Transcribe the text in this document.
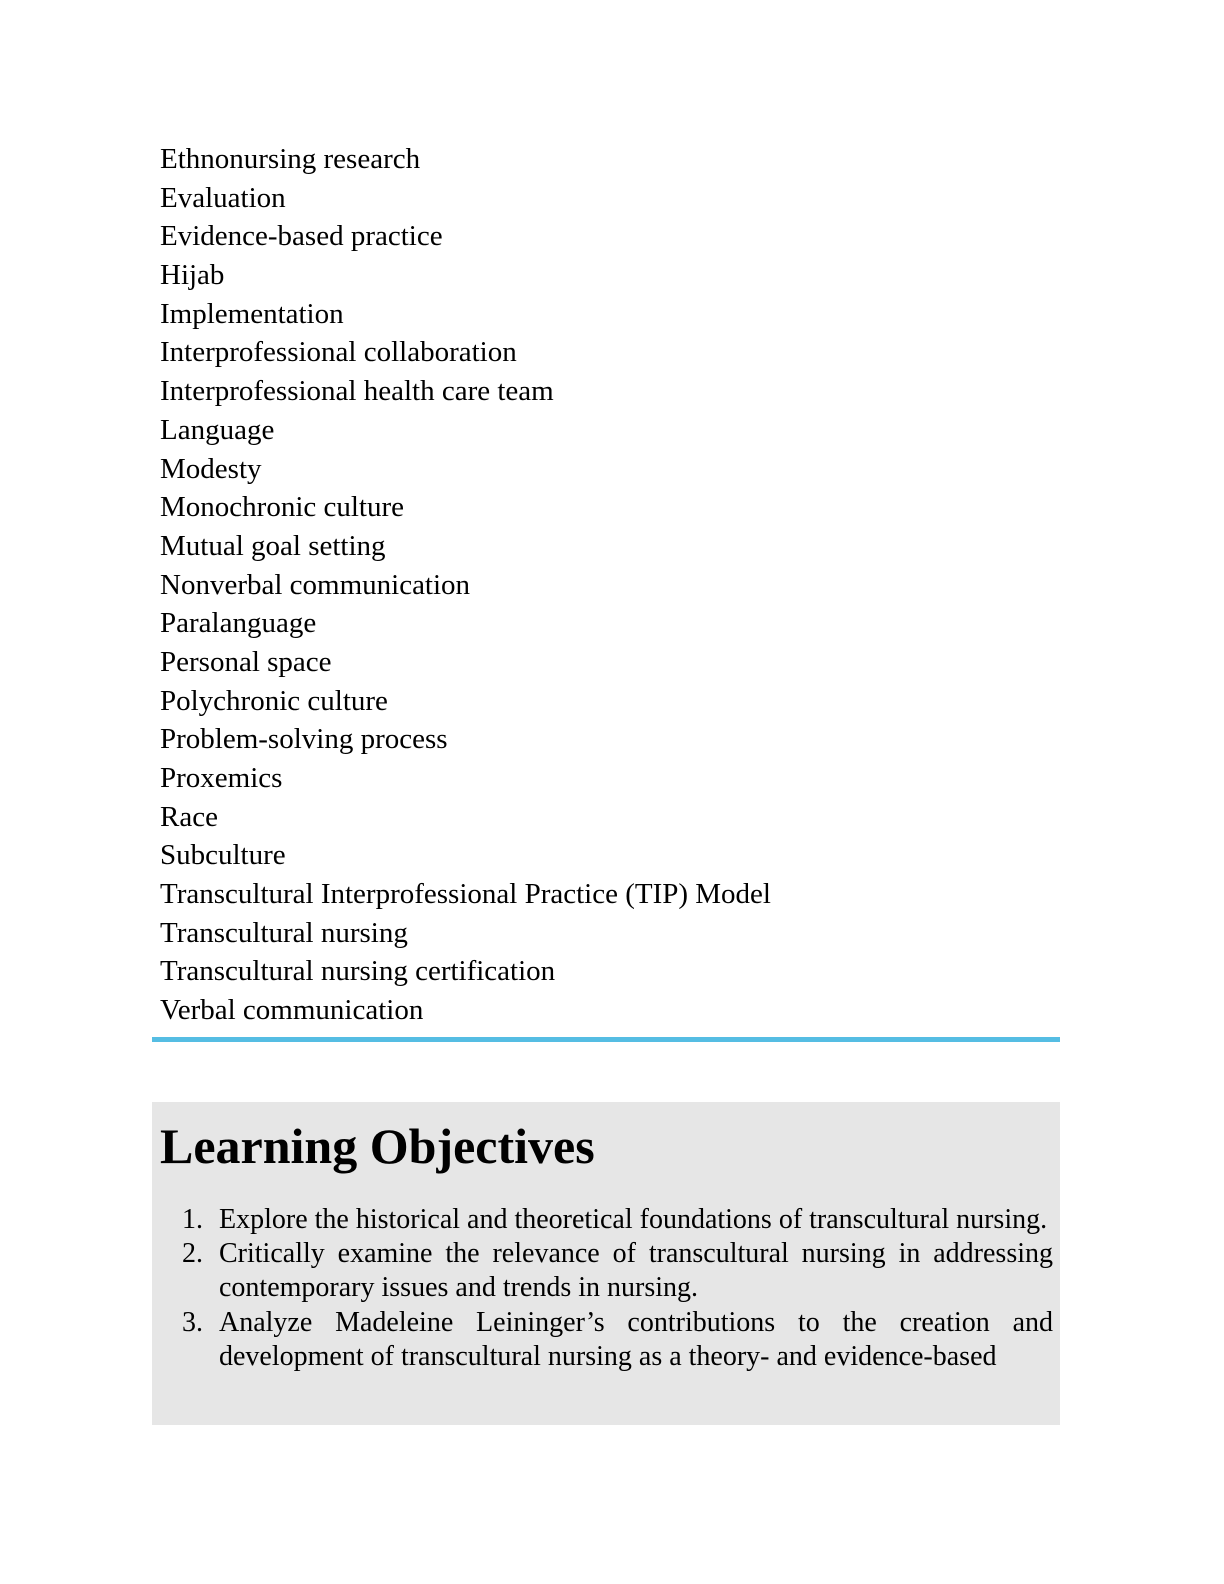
Ethnonursing research
Evaluation
Evidence-based practice
Hijab
Implementation
Interprofessional collaboration
Interprofessional health care team
Language
Modesty
Monochronic culture
Mutual goal setting
Nonverbal communication
Paralanguage
Personal space
Polychronic culture
Problem-solving process
Proxemics
Race
Subculture
Transcultural Interprofessional Practice (TIP) Model
Transcultural nursing
Transcultural nursing certification
Verbal communication
Learning Objectives
1. Explore the historical and theoretical foundations of transcultural nursing.
2. Critically examine the relevance of transcultural nursing in addressing contemporary issues and trends in nursing.
3. Analyze Madeleine Leininger’s contributions to the creation and development of transcultural nursing as a theory- and evidence-based
